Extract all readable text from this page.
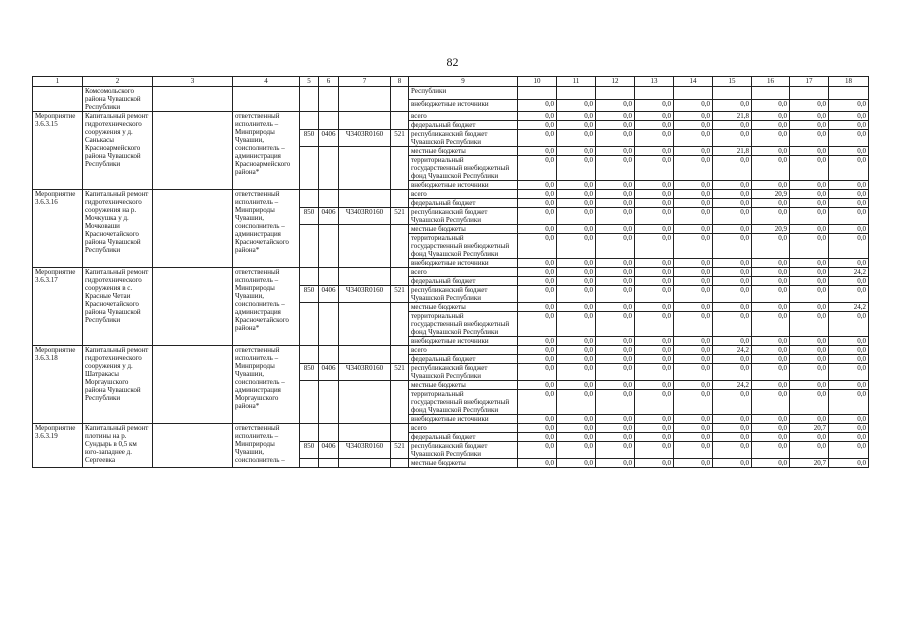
82
1	2	3	4	5	6	7	8	9	10	11	12	13	14	15	16	17	18
	Комсомольского района Чувашской Республики							Республики									
								внебюджетные источники	0,0	0,0	0,0	0,0	0,0	0,0	0,0	0,0	0,0
Мероприятие 3.6.3.15	Капитальный ремонт гидротехнического сооружения у д. Санькасы Красноармейского района Чувашской Республики		ответственный исполнитель – Минприроды Чувашии, соисполнитель – администрация Красноармейского района*					всего	0,0	0,0	0,0	0,0	0,0	21,8	0,0	0,0	0,0
								федеральный бюджет	0,0	0,0	0,0	0,0	0,0	0,0	0,0	0,0	0,0
				850	0406	Ч3403R0160	521	республиканский бюджет Чувашской Республики	0,0	0,0	0,0	0,0	0,0	0,0	0,0	0,0	0,0
								местные бюджеты	0,0	0,0	0,0	0,0	0,0	21,8	0,0	0,0	0,0
								территориальный государственный внебюджетный фонд Чувашской Республики	0,0	0,0	0,0	0,0	0,0	0,0	0,0	0,0	0,0
								внебюджетные источники	0,0	0,0	0,0	0,0	0,0	0,0	0,0	0,0	0,0
Мероприятие 3.6.3.16	Капитальный ремонт гидротехнического сооружения на р. Мочкушка у д. Мочковаши Красночетайского района Чувашской Республики		ответственный исполнитель – Минприроды Чувашии, соисполнитель – администрация Красночетайского района*					всего	0,0	0,0	0,0	0,0	0,0	0,0	20,9	0,0	0,0
								федеральный бюджет	0,0	0,0	0,0	0,0	0,0	0,0	0,0	0,0	0,0
				850	0406	Ч3403R0160	521	республиканский бюджет Чувашской Республики	0,0	0,0	0,0	0,0	0,0	0,0	0,0	0,0	0,0
								местные бюджеты	0,0	0,0	0,0	0,0	0,0	0,0	20,9	0,0	0,0
								территориальный государственный внебюджетный фонд Чувашской Республики	0,0	0,0	0,0	0,0	0,0	0,0	0,0	0,0	0,0
								внебюджетные источники	0,0	0,0	0,0	0,0	0,0	0,0	0,0	0,0	0,0
Мероприятие 3.6.3.17	Капитальный ремонт гидротехнического сооружения в с. Красные Четаи Красночетайского района Чувашской Республики		ответственный исполнитель – Минприроды Чувашии, соисполнитель – администрация Красночетайского района*					всего	0,0	0,0	0,0	0,0	0,0	0,0	0,0	0,0	24,2
								федеральный бюджет	0,0	0,0	0,0	0,0	0,0	0,0	0,0	0,0	0,0
				850	0406	Ч3403R0160	521	республиканский бюджет Чувашской Республики	0,0	0,0	0,0	0,0	0,0	0,0	0,0	0,0	0,0
								местные бюджеты	0,0	0,0	0,0	0,0	0,0	0,0	0,0	0,0	24,2
								территориальный государственный внебюджетный фонд Чувашской Республики	0,0	0,0	0,0	0,0	0,0	0,0	0,0	0,0	0,0
								внебюджетные источники	0,0	0,0	0,0	0,0	0,0	0,0	0,0	0,0	0,0
Мероприятие 3.6.3.18	Капитальный ремонт гидротехнического сооружения у д. Шатракасы Моргаушского района Чувашской Республики		ответственный исполнитель – Минприроды Чувашии, соисполнитель – администрация Моргаушского района*					всего	0,0	0,0	0,0	0,0	0,0	24,2	0,0	0,0	0,0
								федеральный бюджет	0,0	0,0	0,0	0,0	0,0	0,0	0,0	0,0	0,0
				850	0406	Ч3403R0160	521	республиканский бюджет Чувашской Республики	0,0	0,0	0,0	0,0	0,0	0,0	0,0	0,0	0,0
								местные бюджеты	0,0	0,0	0,0	0,0	0,0	24,2	0,0	0,0	0,0
								территориальный государственный внебюджетный фонд Чувашской Республики	0,0	0,0	0,0	0,0	0,0	0,0	0,0	0,0	0,0
								внебюджетные источники	0,0	0,0	0,0	0,0	0,0	0,0	0,0	0,0	0,0
Мероприятие 3.6.3.19	Капитальный ремонт плотины на р. Сундырь в 0,5 км юго-западнее д. Сергеевка		ответственный исполнитель – Минприроды Чувашии, соисполнитель –					всего	0,0	0,0	0,0	0,0	0,0	0,0	0,0	20,7	0,0
								федеральный бюджет	0,0	0,0	0,0	0,0	0,0	0,0	0,0	0,0	0,0
				850	0406	Ч3403R0160	521	республиканский бюджет Чувашской Республики	0,0	0,0	0,0	0,0	0,0	0,0	0,0	0,0	0,0
								местные бюджеты	0,0	0,0	0,0	0,0	0,0	0,0	0,0	20,7	0,0
